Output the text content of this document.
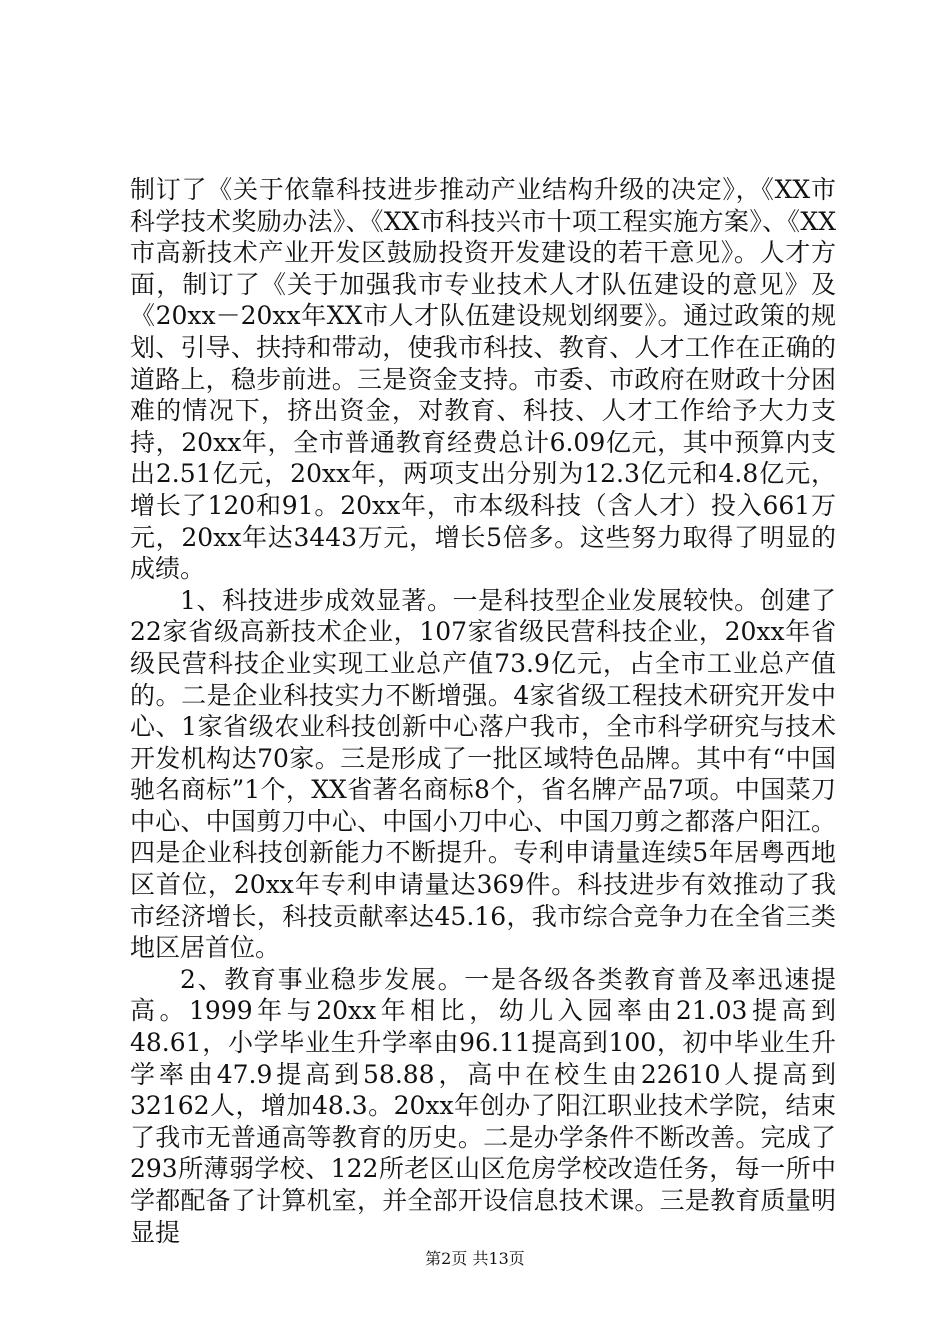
制订了《关于依靠科技进步推动产业结构升级的决定》，《XX市科学技术奖励办法》、《XX市科技兴市十项工程实施方案》、《XX市高新技术产业开发区鼓励投资开发建设的若干意见》。人才方面，制订了《关于加强我市专业技术人才队伍建设的意见》及《20xx－20xx年XX市人才队伍建设规划纲要》。通过政策的规划、引导、扶持和带动，使我市科技、教育、人才工作在正确的道路上，稳步前进。三是资金支持。市委、市政府在财政十分困难的情况下，挤出资金，对教育、科技、人才工作给予大力支持，20xx年，全市普通教育经费总计6.09亿元，其中预算内支出2.51亿元，20xx年，两项支出分别为12.3亿元和4.8亿元，增长了120和91。20xx年，市本级科技（含人才）投入661万元，20xx年达3443万元，增长5倍多。这些努力取得了明显的成绩。

1、科技进步成效显著。一是科技型企业发展较快。创建了22家省级高新技术企业，107家省级民营科技企业，20xx年省级民营科技企业实现工业总产值73.9亿元，占全市工业总产值的。二是企业科技实力不断增强。4家省级工程技术研究开发中心、1家省级农业科技创新中心落户我市，全市科学研究与技术开发机构达70家。三是形成了一批区域特色品牌。其中有“中国驰名商标”1个，XX省著名商标8个，省名牌产品7项。中国菜刀中心、中国剪刀中心、中国小刀中心、中国刀剪之都落户阳江。四是企业科技创新能力不断提升。专利申请量连续5年居粤西地区首位，20xx年专利申请量达369件。科技进步有效推动了我市经济增长，科技贡献率达45.16，我市综合竞争力在全省三类地区居首位。

2、教育事业稳步发展。一是各级各类教育普及率迅速提高。1999年与20xx年相比，幼儿入园率由21.03提高到48.61，小学毕业生升学率由96.11提高到100，初中毕业生升学率由47.9提高到58.88，高中在校生由22610人提高到32162人，增加48.3。20xx年创办了阳江职业技术学院，结束了我市无普通高等教育的历史。二是办学条件不断改善。完成了293所薄弱学校、122所老区山区危房学校改造任务，每一所中学都配备了计算机室，并全部开设信息技术课。三是教育质量明显提

第2页 共13页
